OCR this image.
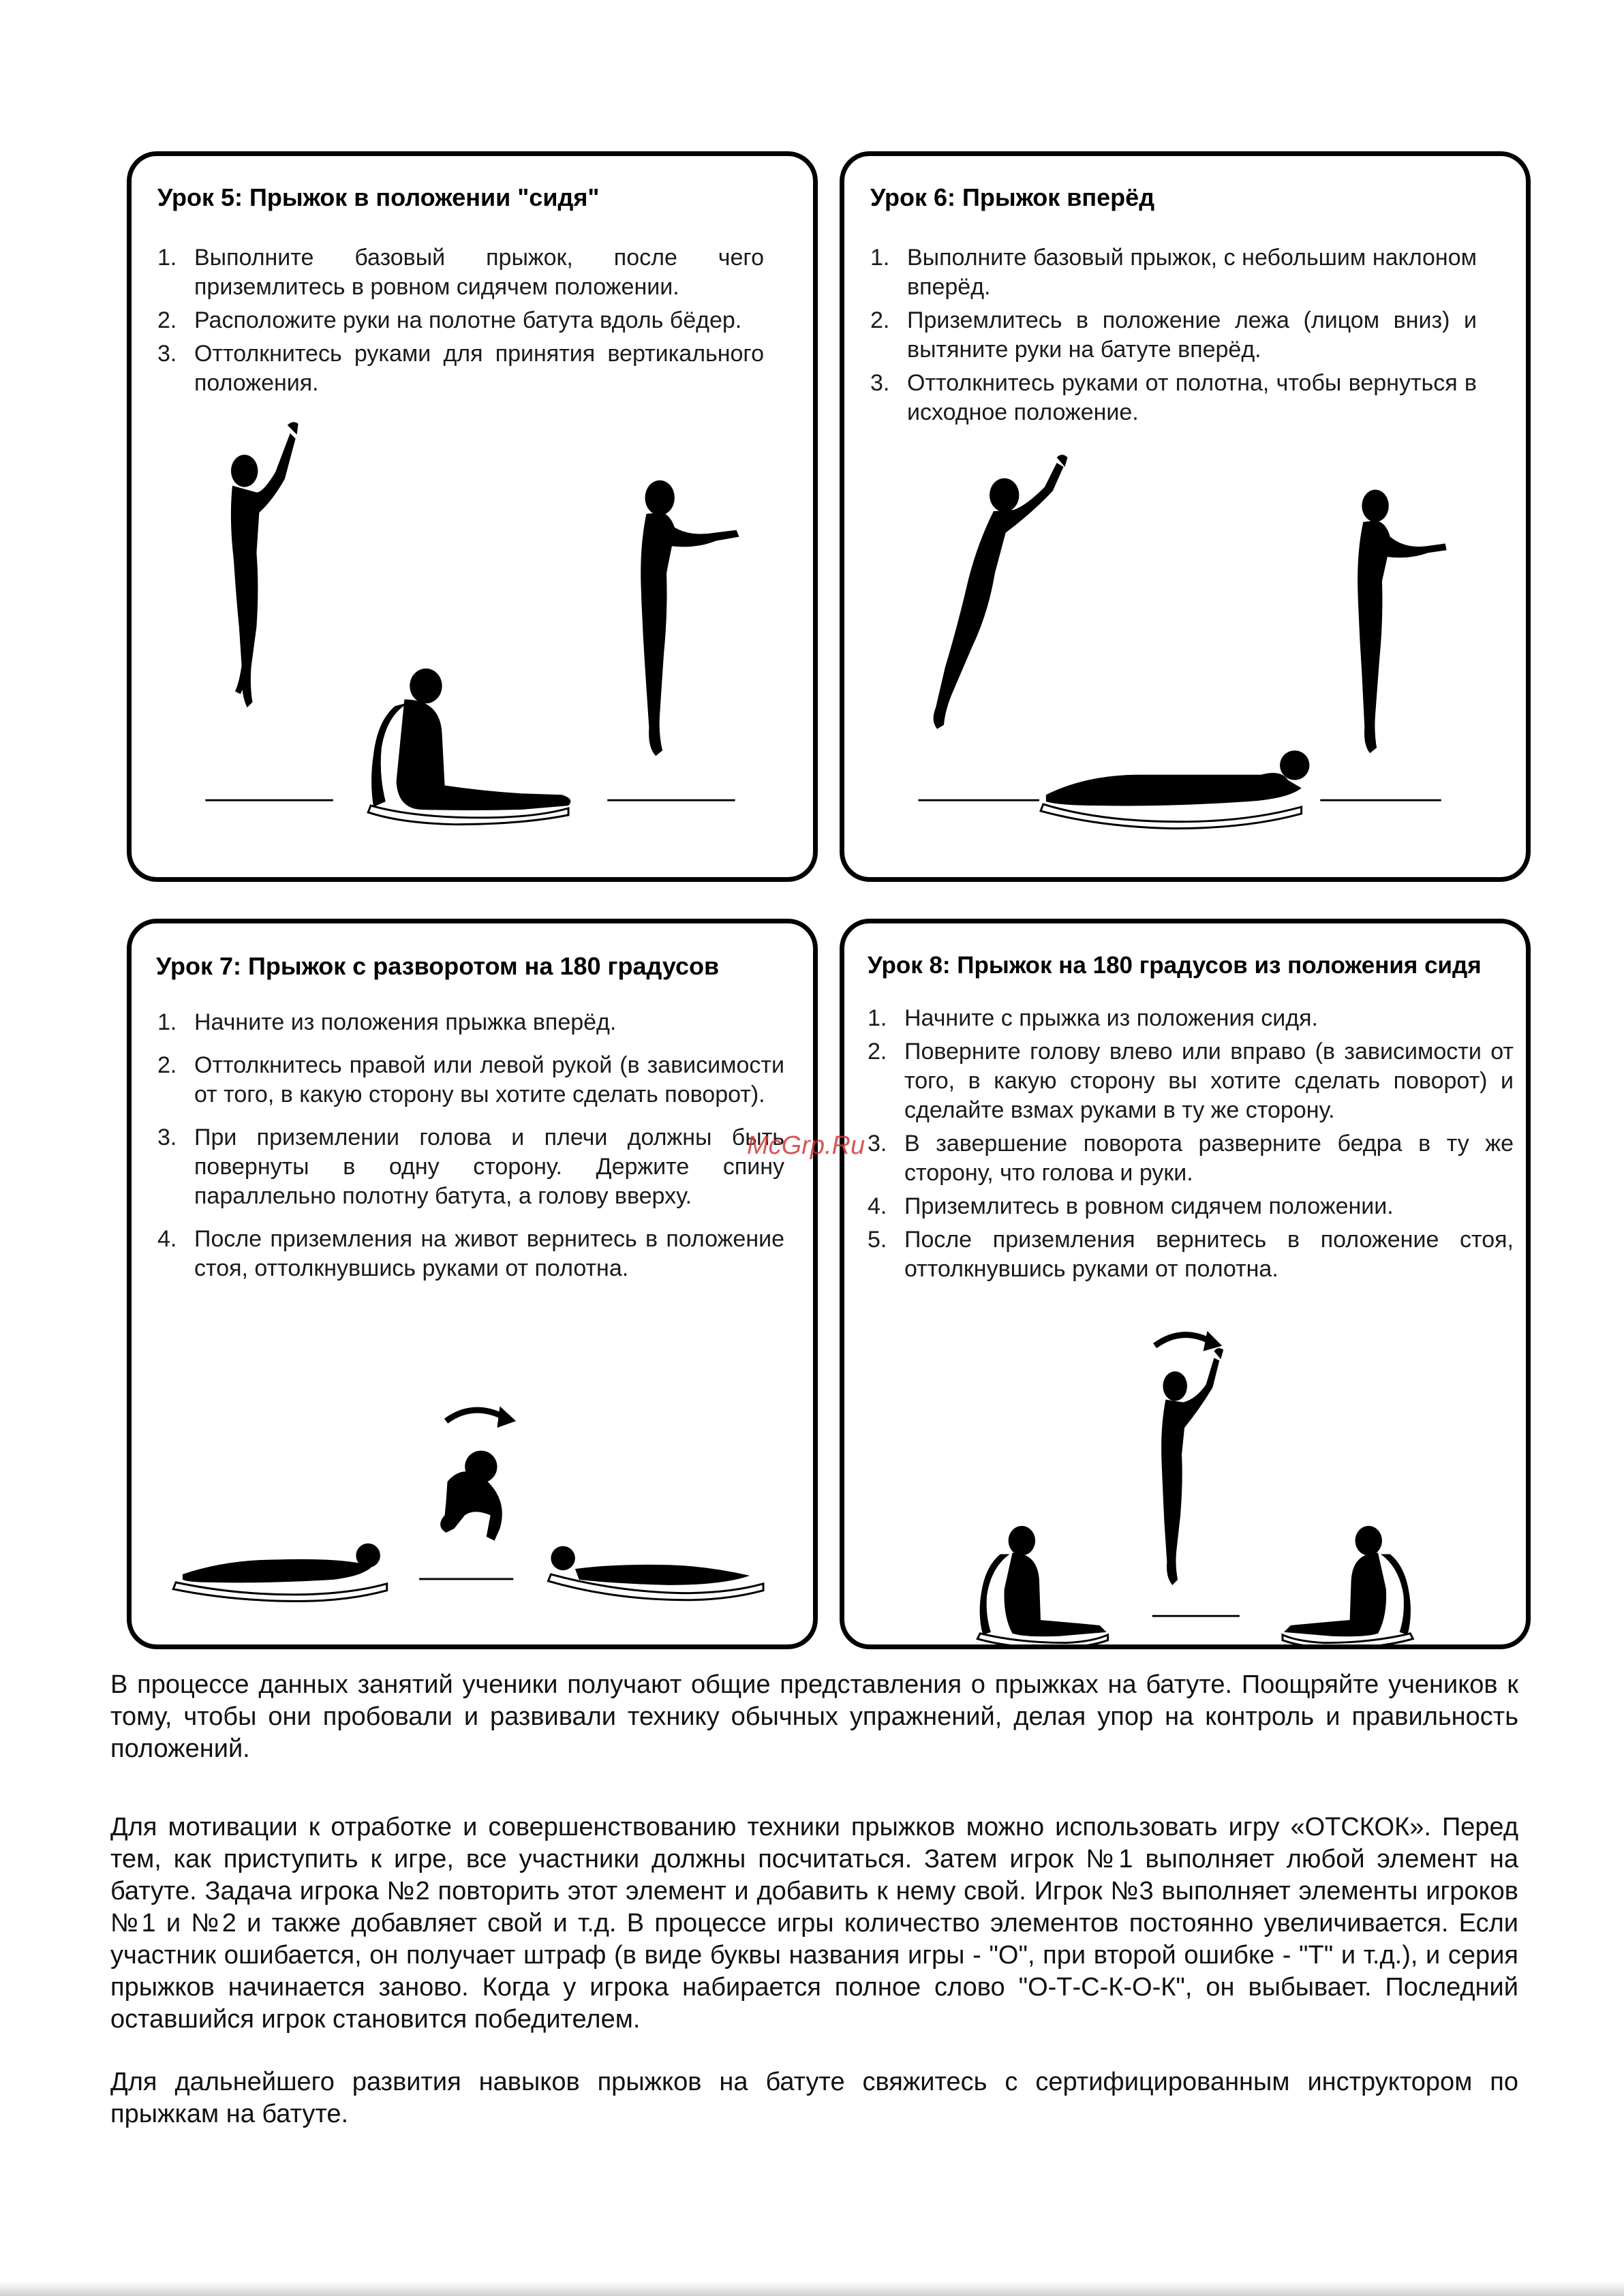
Урок 5: Прыжок в положении "сидя"
1. Выполните базовый прыжок, после чего приземлитесь в ровном сидячем положении.
2. Расположите руки на полотне батута вдоль бёдер.
3. Оттолкнитесь руками для принятия вертикального положения.
Урок 6: Прыжок вперёд
1. Выполните базовый прыжок, с небольшим наклоном вперёд.
2. Приземлитесь в положение лежа (лицом вниз) и вытяните руки на батуте вперёд.
3. Оттолкнитесь руками от полотна, чтобы вернуться в исходное положение.
Урок 7: Прыжок с разворотом на 180 градусов
1. Начните из положения прыжка вперёд.
2. Оттолкнитесь правой или левой рукой (в зависимости от того, в какую сторону вы хотите сделать поворот).
3. При приземлении голова и плечи должны быть повернуты в одну сторону. Держите спину параллельно полотну батута, а голову вверху.
4. После приземления на живот вернитесь в положение стоя, оттолкнувшись руками от полотна.
Урок 8: Прыжок на 180 градусов из положения сидя
1. Начните с прыжка из положения сидя.
2. Поверните голову влево или вправо (в зависимости от того, в какую сторону вы хотите сделать поворот) и сделайте взмах руками в ту же сторону.
3. В завершение поворота разверните бедра в ту же сторону, что голова и руки.
4. Приземлитесь в ровном сидячем положении.
5. После приземления вернитесь в положение стоя, оттолкнувшись руками от полотна.
McGrp.Ru
В процессе данных занятий ученики получают общие представления о прыжках на батуте. Поощряйте учеников к тому, чтобы они пробовали и развивали технику обычных упражнений, делая упор на контроль и правильность положений.
Для мотивации к отработке и совершенствованию техники прыжков можно использовать игру «ОТСКОК». Перед тем, как приступить к игре, все участники должны посчитаться. Затем игрок №1 выполняет любой элемент на батуте. Задача игрока №2 повторить этот элемент и добавить к нему свой. Игрок №3 выполняет элементы игроков №1 и №2 и также добавляет свой и т.д. В процессе игры количество элементов постоянно увеличивается. Если участник ошибается, он получает штраф (в виде буквы названия игры - "О", при второй ошибке - "Т" и т.д.), и серия прыжков начинается заново. Когда у игрока набирается полное слово "О-Т-С-К-О-К", он выбывает. Последний оставшийся игрок становится победителем.
Для дальнейшего развития навыков прыжков на батуте свяжитесь с сертифицированным инструктором по прыжкам на батуте.
